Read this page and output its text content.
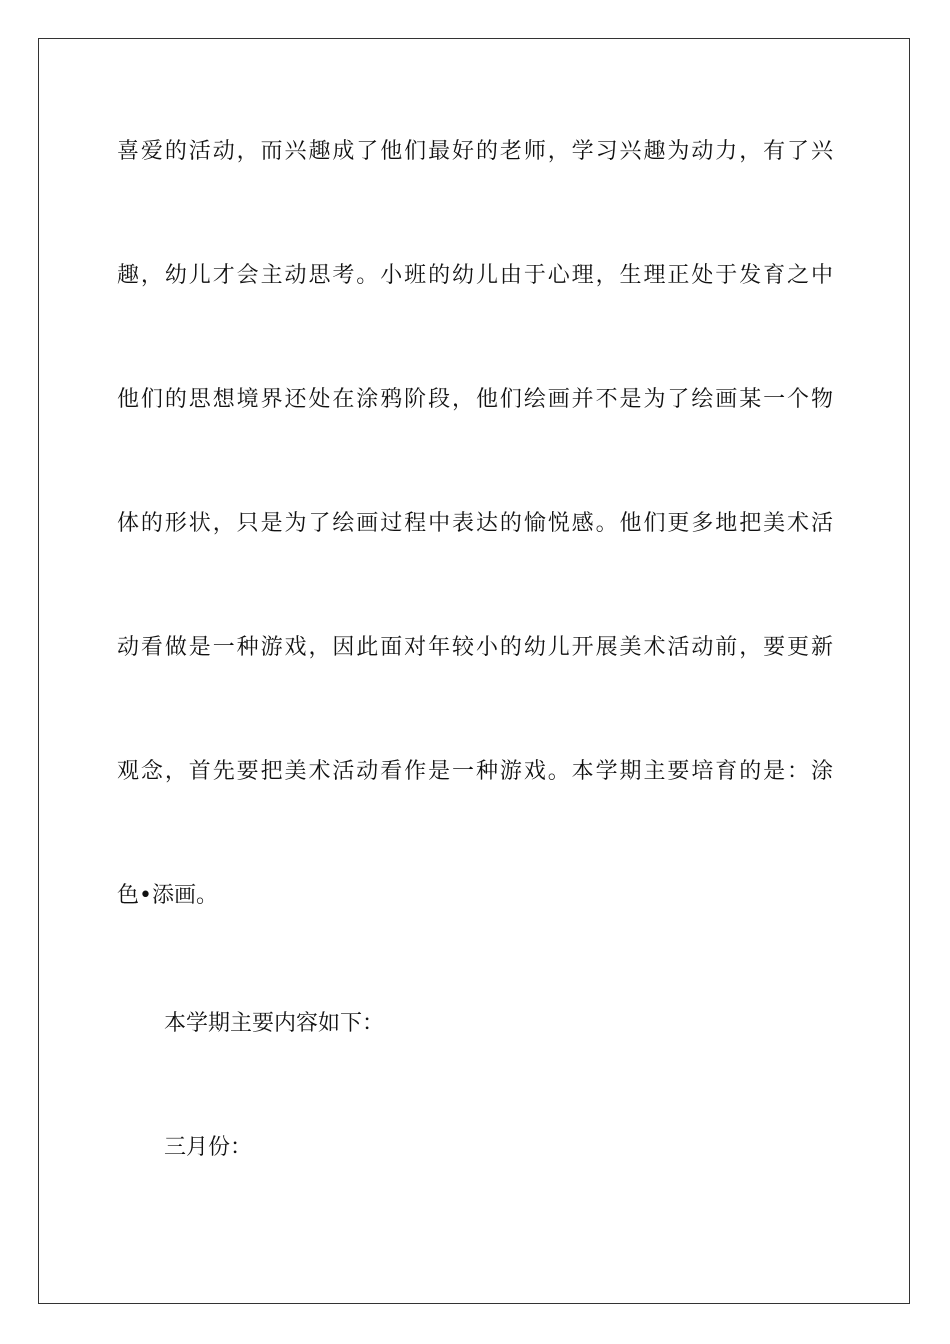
喜爱的活动，而兴趣成了他们最好的老师，学习兴趣为动力，有了兴
趣，幼儿才会主动思考。小班的幼儿由于心理，生理正处于发育之中
他们的思想境界还处在涂鸦阶段，他们绘画并不是为了绘画某一个物
体的形状，只是为了绘画过程中表达的愉悦感。他们更多地把美术活
动看做是一种游戏，因此面对年较小的幼儿开展美术活动前，要更新
观念，首先要把美术活动看作是一种游戏。本学期主要培育的是：涂
色•添画。
本学期主要内容如下：
三月份：
